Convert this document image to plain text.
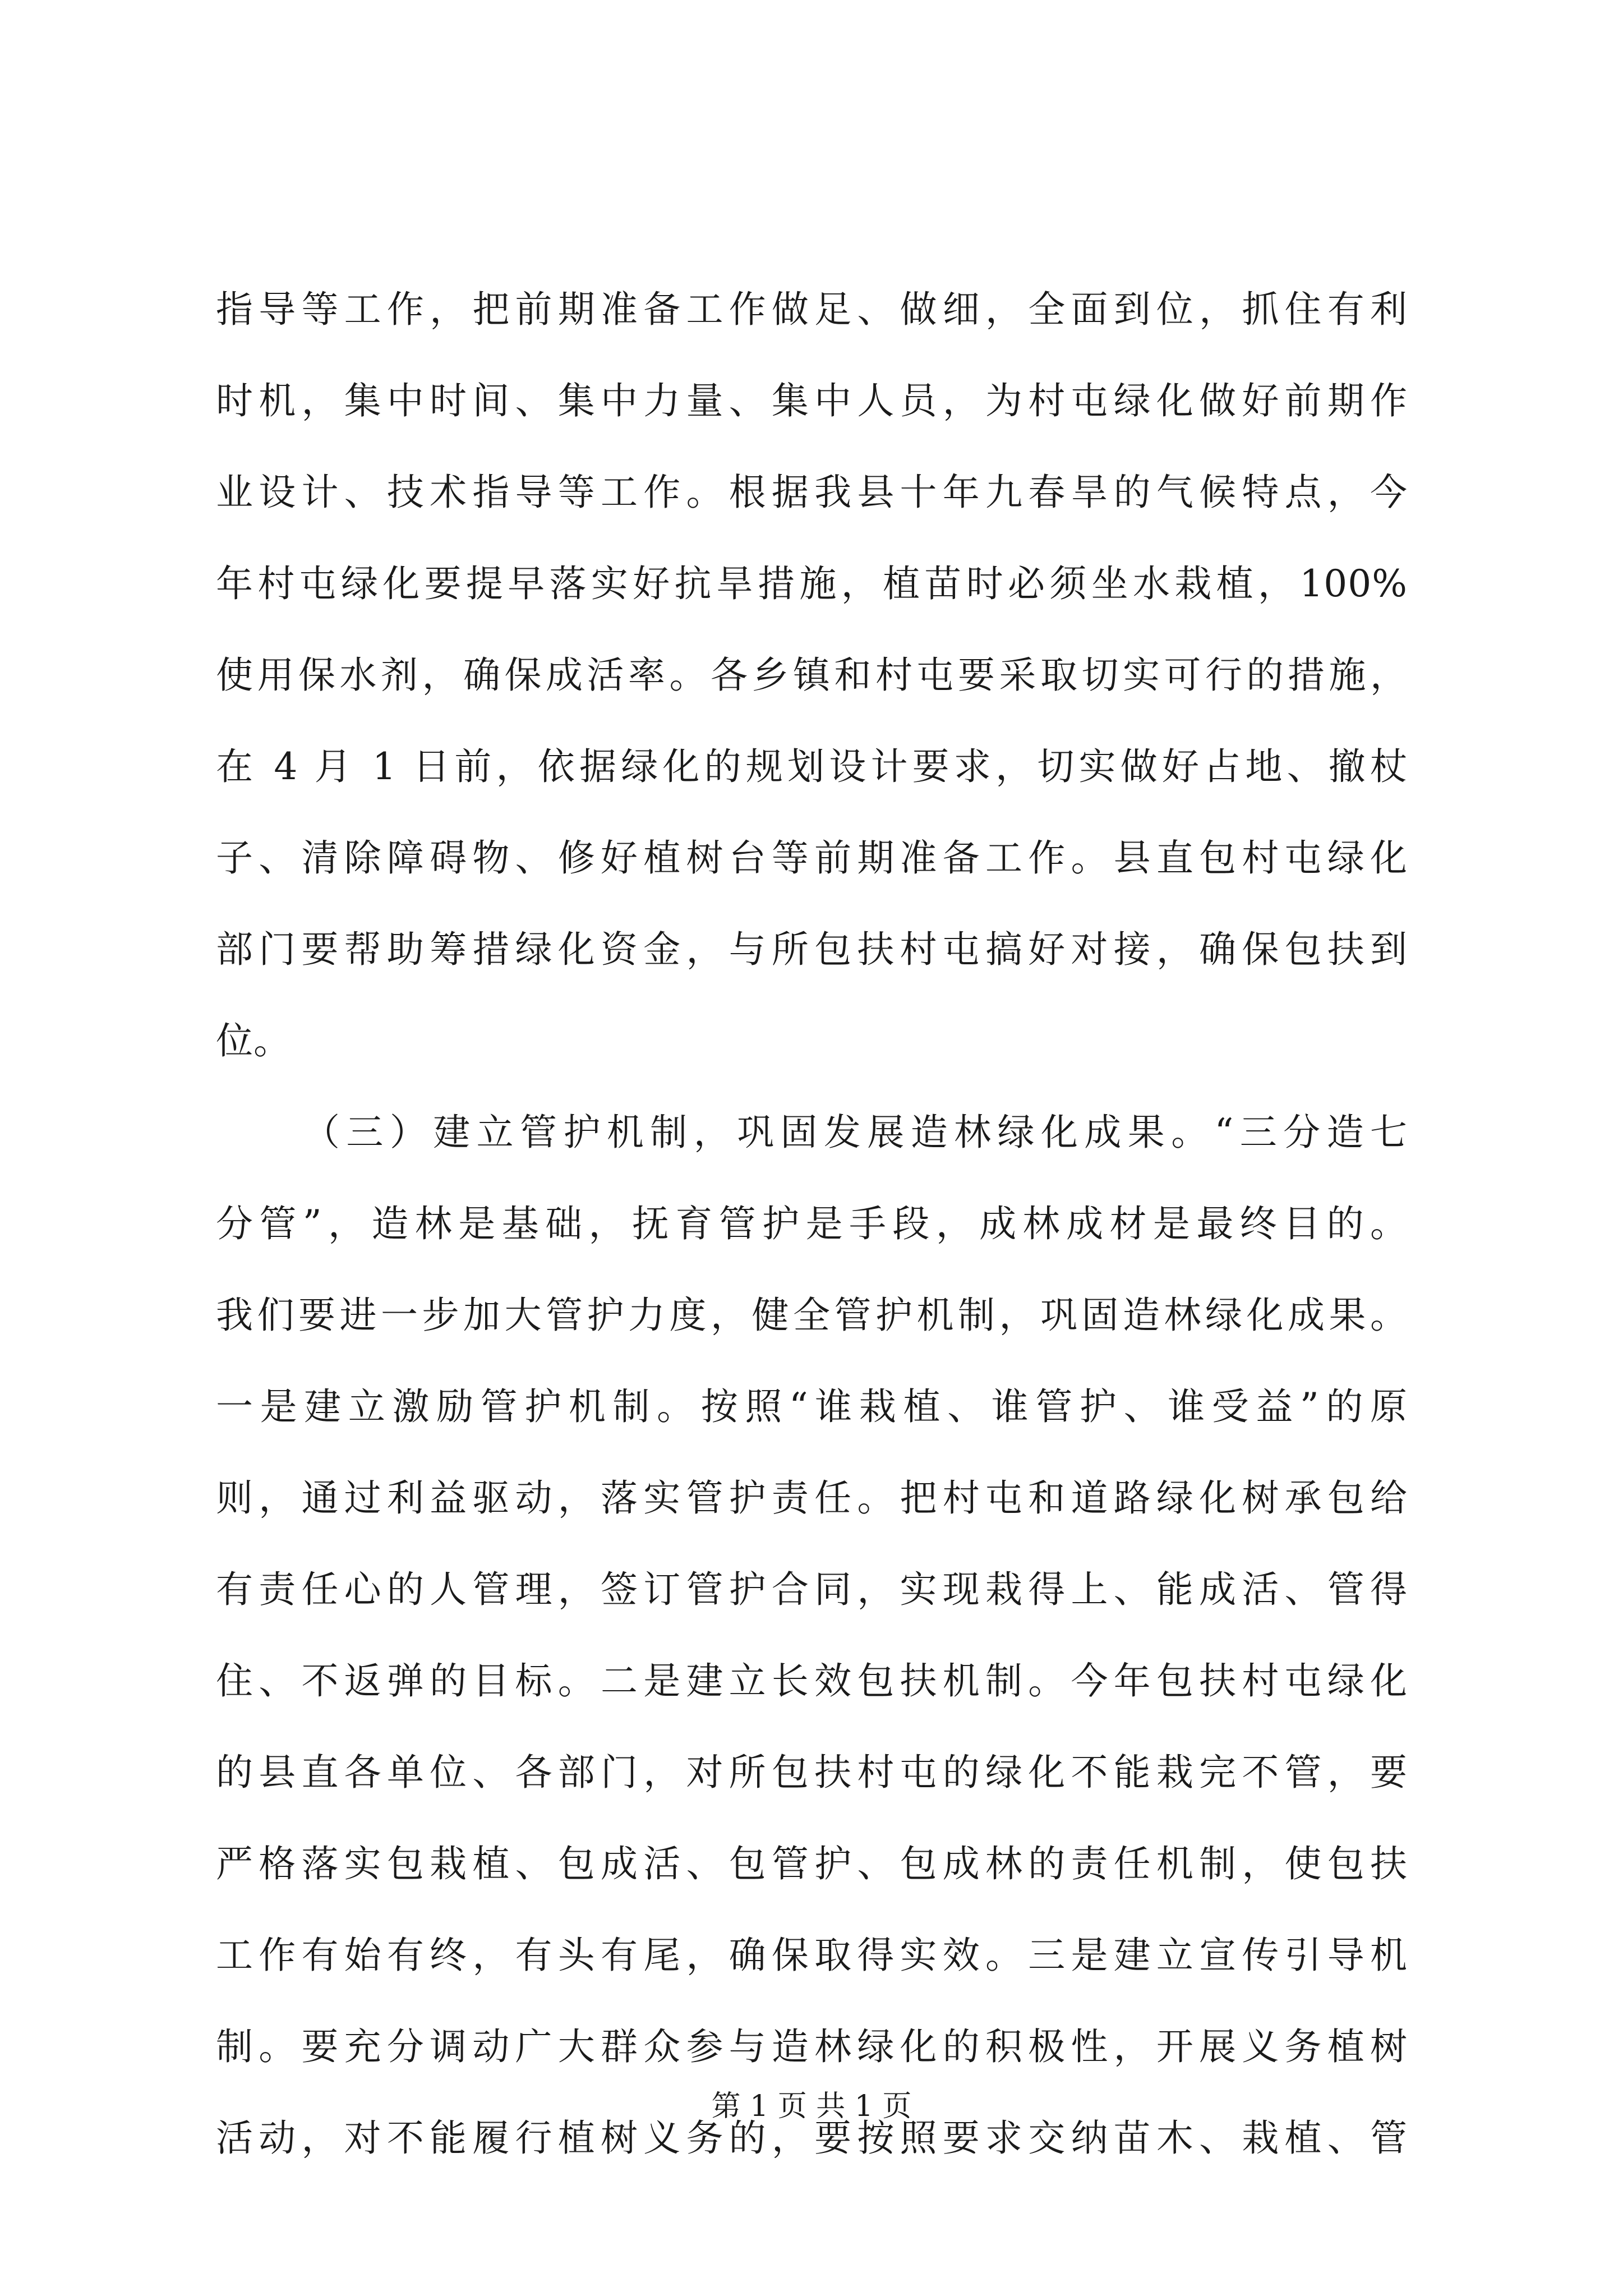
指导等工作，把前期准备工作做足、做细，全面到位，抓住有利
时机，集中时间、集中力量、集中人员，为村屯绿化做好前期作
业设计、技术指导等工作。根据我县十年九春旱的气候特点，今
年村屯绿化要提早落实好抗旱措施，植苗时必须坐水栽植，100%
使用保水剂，确保成活率。各乡镇和村屯要采取切实可行的措施，
在 4 月 1 日前，依据绿化的规划设计要求，切实做好占地、撤杖
子、清除障碍物、修好植树台等前期准备工作。县直包村屯绿化
部门要帮助筹措绿化资金，与所包扶村屯搞好对接，确保包扶到
位。
（三）建立管护机制，巩固发展造林绿化成果。“三分造七
分管”，造林是基础，抚育管护是手段，成林成材是最终目的。
我们要进一步加大管护力度，健全管护机制，巩固造林绿化成果。
一是建立激励管护机制。按照“谁栽植、谁管护、谁受益”的原
则，通过利益驱动，落实管护责任。把村屯和道路绿化树承包给
有责任心的人管理，签订管护合同，实现栽得上、能成活、管得
住、不返弹的目标。二是建立长效包扶机制。今年包扶村屯绿化
的县直各单位、各部门，对所包扶村屯的绿化不能栽完不管，要
严格落实包栽植、包成活、包管护、包成林的责任机制，使包扶
工作有始有终，有头有尾，确保取得实效。三是建立宣传引导机
制。要充分调动广大群众参与造林绿化的积极性，开展义务植树
活动，对不能履行植树义务的，要按照要求交纳苗木、栽植、管
第 1 页 共 1 页
